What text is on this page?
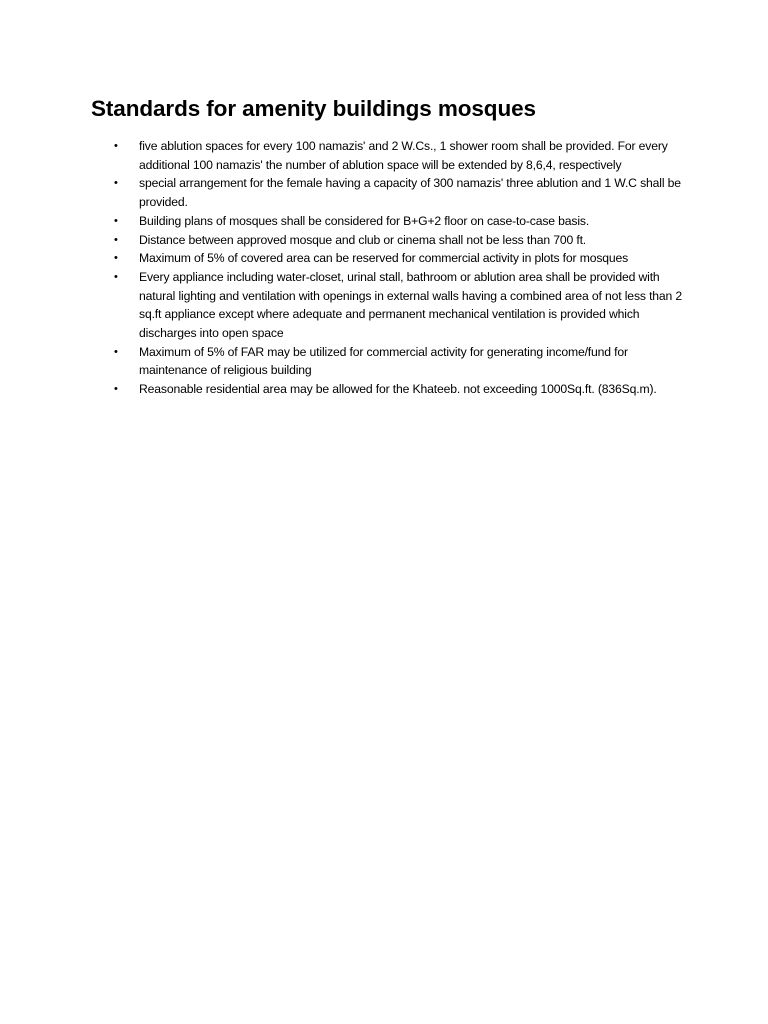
Standards for amenity buildings mosques
•	five ablution spaces for every 100 namazis' and 2 W.Cs., 1 shower room shall be provided. For every additional 100 namazis' the number of ablution space will be extended by 8,6,4, respectively
•	special arrangement for the female having a capacity of 300 namazis' three ablution and 1 W.C shall be provided.
•	Building plans of mosques shall be considered for B+G+2 floor on case-to-case basis.
•	Distance between approved mosque and club or cinema shall not be less than 700 ft.
•	Maximum of 5% of covered area can be reserved for commercial activity in plots for mosques
•	Every appliance including water-closet, urinal stall, bathroom or ablution area shall be provided with natural lighting and ventilation with openings in external walls having a combined area of not less than 2 sq.ft appliance except where adequate and permanent mechanical ventilation is provided which discharges into open space
•	Maximum of 5% of FAR may be utilized for commercial activity for generating income/fund for maintenance of religious building
•	Reasonable residential area may be allowed for the Khateeb. not exceeding 1000Sq.ft. (836Sq.m).
